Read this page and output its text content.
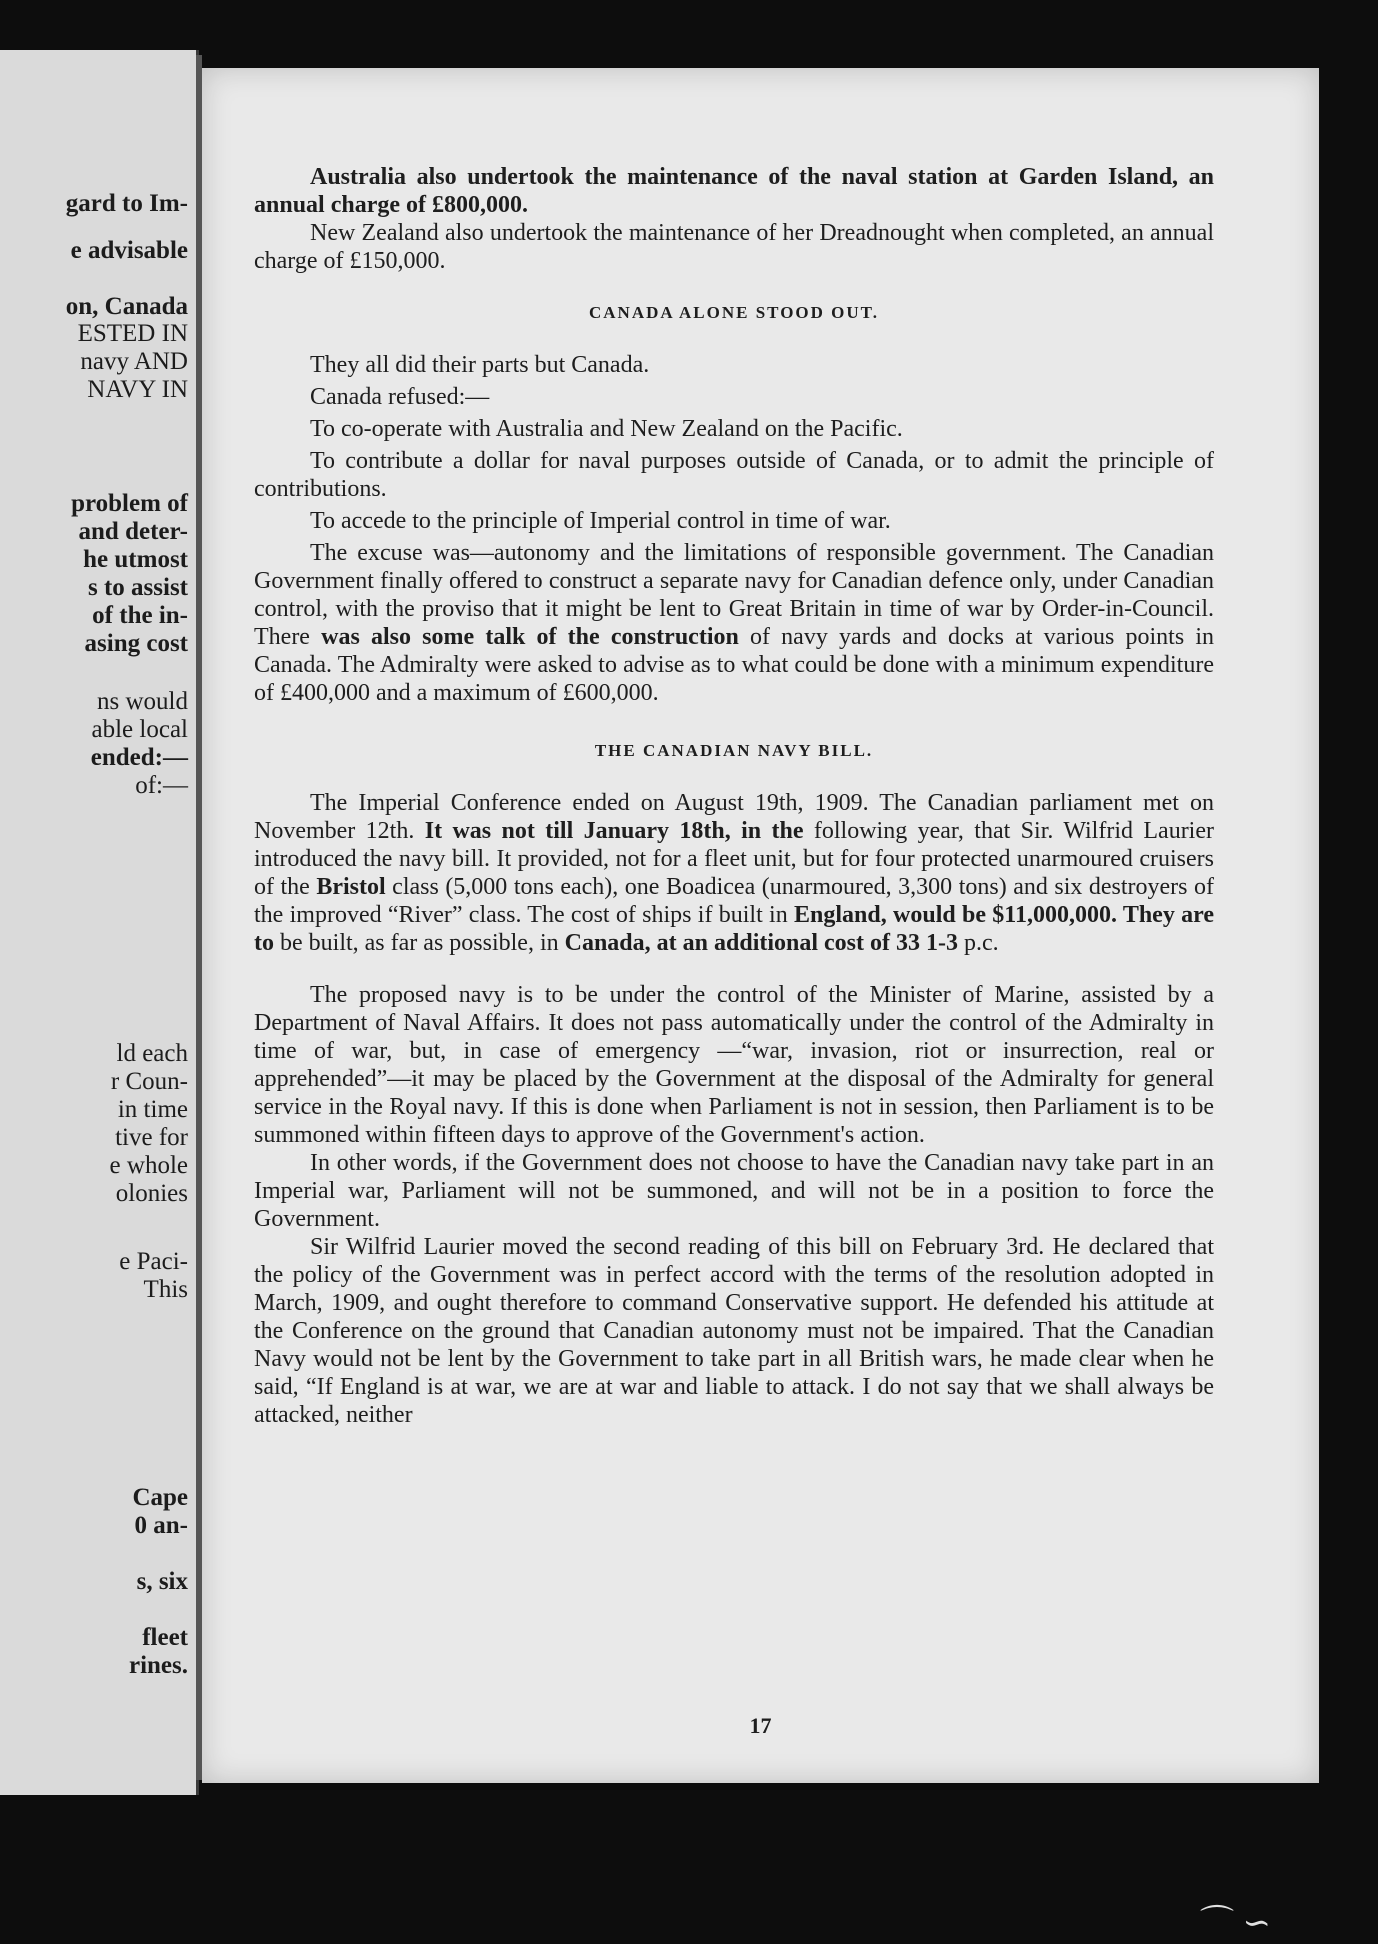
gard to Im-
e advisable
on, Canada
ESTED IN
navy AND
NAVY IN
problem of
and deter-
he utmost
s to assist
of the in-
asing cost
ns would
able local
ended:—
of:—
ld each
r Coun-
in time
tive for
e whole
olonies
e Paci-
This
Cape
0 an-
s, six
fleet
rines.

Australia also undertook the maintenance of the naval station at Garden Island, an annual charge of £800,000.

New Zealand also undertook the maintenance of her Dreadnought when completed, an annual charge of £150,000.

CANADA ALONE STOOD OUT.

They all did their parts but Canada.

Canada refused:—

To co-operate with Australia and New Zealand on the Pacific.

To contribute a dollar for naval purposes outside of Canada, or to admit the principle of contributions.

To accede to the principle of Imperial control in time of war.

The excuse was—autonomy and the limitations of responsible government. The Canadian Government finally offered to construct a separate navy for Canadian defence only, under Canadian control, with the proviso that it might be lent to Great Britain in time of war by Order-in-Council. There was also some talk of the construction of navy yards and docks at various points in Canada. The Admiralty were asked to advise as to what could be done with a minimum expenditure of £400,000 and a maximum of £600,000.

THE CANADIAN NAVY BILL.

The Imperial Conference ended on August 19th, 1909. The Canadian parliament met on November 12th. It was not till January 18th, in the following year, that Sir. Wilfrid Laurier introduced the navy bill. It provided, not for a fleet unit, but for four protected unarmoured cruisers of the Bristol class (5,000 tons each), one Boadicea (unarmoured, 3,300 tons) and six destroyers of the improved “River” class. The cost of ships if built in England, would be $11,000,000. They are to be built, as far as possible, in Canada, at an additional cost of 33 1-3 p.c.

The proposed navy is to be under the control of the Minister of Marine, assisted by a Department of Naval Affairs. It does not pass automatically under the control of the Admiralty in time of war, but, in case of emergency —“war, invasion, riot or insurrection, real or apprehended”—it may be placed by the Government at the disposal of the Admiralty for general service in the Royal navy. If this is done when Parliament is not in session, then Parliament is to be summoned within fifteen days to approve of the Government's action.

In other words, if the Government does not choose to have the Canadian navy take part in an Imperial war, Parliament will not be summoned, and will not be in a position to force the Government.

Sir Wilfrid Laurier moved the second reading of this bill on February 3rd. He declared that the policy of the Government was in perfect accord with the terms of the resolution adopted in March, 1909, and ought therefore to command Conservative support. He defended his attitude at the Conference on the ground that Canadian autonomy must not be impaired. That the Canadian Navy would not be lent by the Government to take part in all British wars, he made clear when he said, “If England is at war, we are at war and liable to attack. I do not say that we shall always be attacked, neither

17
⌒ ∽
